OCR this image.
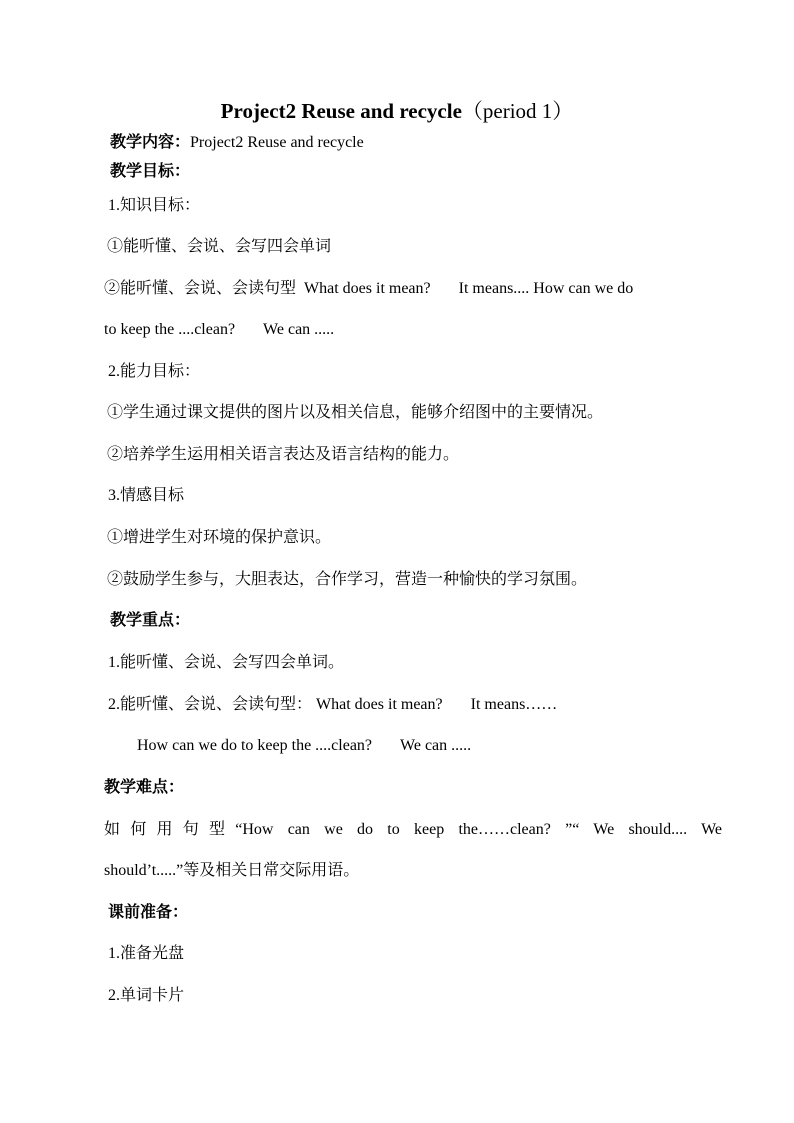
Project2 Reuse and recycle（period 1）
教学内容：Project2 Reuse and recycle
教学目标：
1.知识目标：
①能听懂、会说、会写四会单词
②能听懂、会说、会读句型 What does it mean? It means.... How can we do
to keep the ....clean? We can .....
2.能力目标：
①学生通过课文提供的图片以及相关信息，能够介绍图中的主要情况。
②培养学生运用相关语言表达及语言结构的能力。
3.情感目标
①增进学生对环境的保护意识。
②鼓励学生参与，大胆表达，合作学习，营造一种愉快的学习氛围。
教学重点：
1.能听懂、会说、会写四会单词。
2.能听懂、会说、会读句型： What does it mean? It means……
How can we do to keep the ....clean? We can .....
教学难点：
如何用句型“How can we do to keep the……clean? ”“ We should.... We
should’t.....”等及相关日常交际用语。
课前准备：
1.准备光盘
2.单词卡片
